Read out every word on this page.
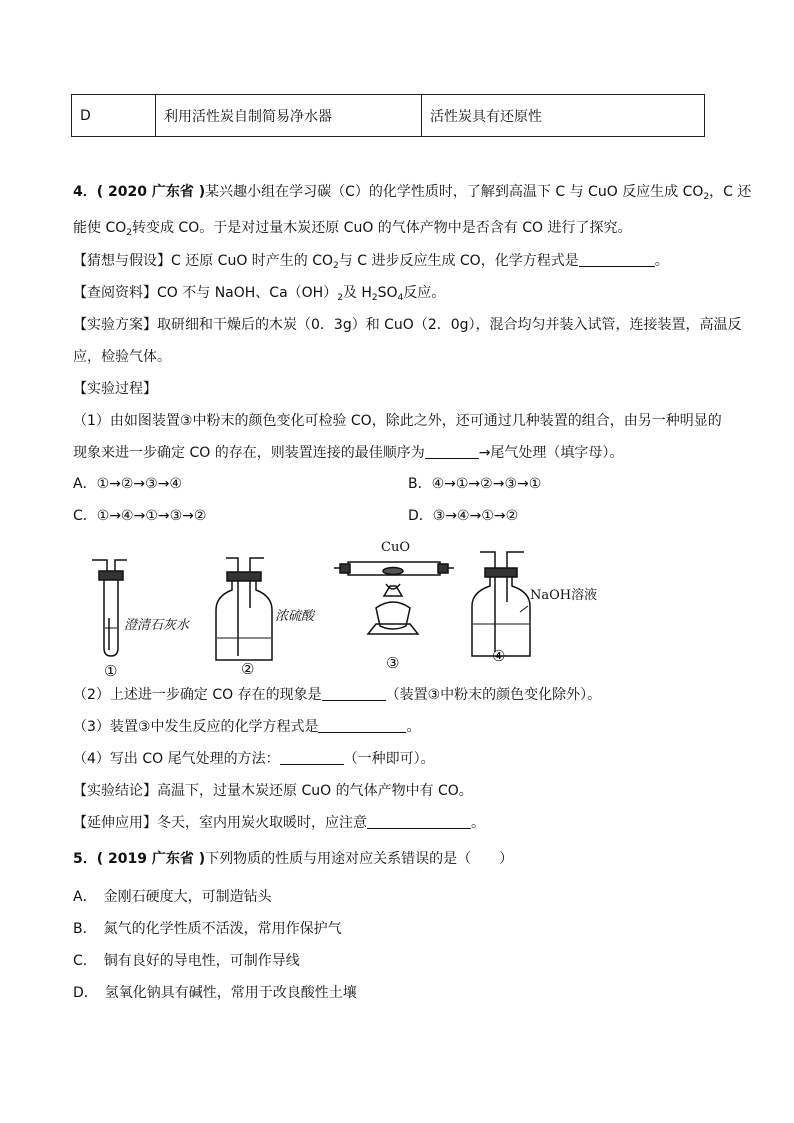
D	利用活性炭自制简易净水器	活性炭具有还原性
4．( 2020 广东省 )某兴趣小组在学习碳（C）的化学性质时，了解到高温下 C 与 CuO 反应生成 $CO_2$，C 还
能使 $CO_2$转变成 CO。于是对过量木炭还原 CuO 的气体产物中是否含有 CO 进行了探究。
【猜想与假设】C 还原 CuO 时产生的 $CO_2$与 C 进步反应生成 CO，化学方程式是	。
【查阅资料】CO 不与 NaOH、$Ca(OH)_2$及 $H_2SO_4$反应。
【实验方案】取研细和干燥后的木炭（0．3g）和 CuO（2．0g），混合均匀并装入试管，连接装置，高温反
应，检验气体。
【实验过程】
（1）由如图装置③中粉末的颜色变化可检验 CO，除此之外，还可通过几种装置的组合，由另一种明显的
现象来进一步确定 CO 的存在，则装置连接的最佳顺序为	→尾气处理（填字母）。
A．①→②→③→④	B．④→①→②→③→①
C．①→④→①→③→②	D．③→④→①→②
澄清石灰水
浓硫酸
CuO
NaOH溶液
①	②	③	④
（2）上述进一步确定 CO 存在的现象是	（装置③中粉末的颜色变化除外）。
（3）装置③中发生反应的化学方程式是	。
（4）写出 CO 尾气处理的方法：	（一种即可）。
【实验结论】高温下，过量木炭还原 CuO 的气体产物中有 CO。
【延伸应用】冬天，室内用炭火取暖时，应注意	。
5．( 2019 广东省 )下列物质的性质与用途对应关系错误的是（　　）
A．　金刚石硬度大，可制造钻头
B．　氮气的化学性质不活泼，常用作保护气
C．　铜有良好的导电性，可制作导线
D．　氢氧化钠具有碱性，常用于改良酸性土壤
